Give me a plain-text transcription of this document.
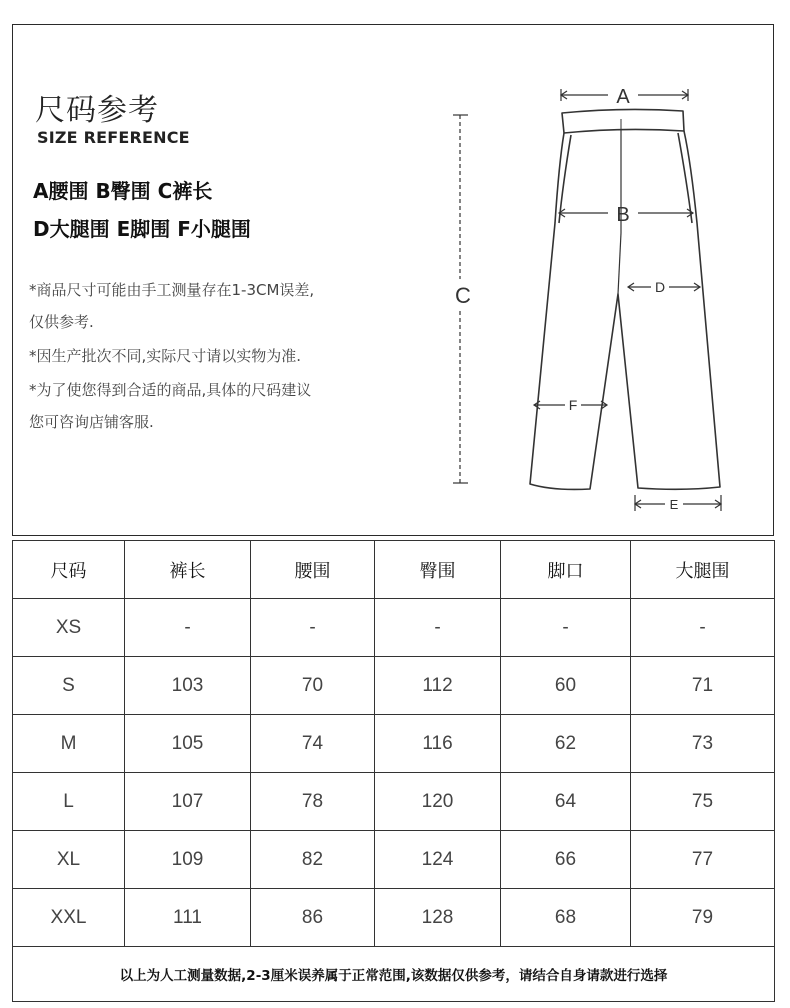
尺码参考
SIZE REFERENCE
A腰围 B臀围 C裤长
D大腿围 E脚围 F小腿围
*商品尺寸可能由手工测量存在1-3CM误差,
仅供参考.
*因生产批次不同,实际尺寸请以实物为准.
*为了使您得到合适的商品,具体的尺码建议
您可咨询店铺客服.
A
C
B
D
F
E
尺码	裤长	腰围	臀围	脚口	大腿围
XS	-	-	-	-	-
S	103	70	112	60	71
M	105	74	116	62	73
L	107	78	120	64	75
XL	109	82	124	66	77
XXL	111	86	128	68	79
以上为人工测量数据,2-3厘米误养属于正常范围,该数据仅供参考，请结合自身请款进行选择					
